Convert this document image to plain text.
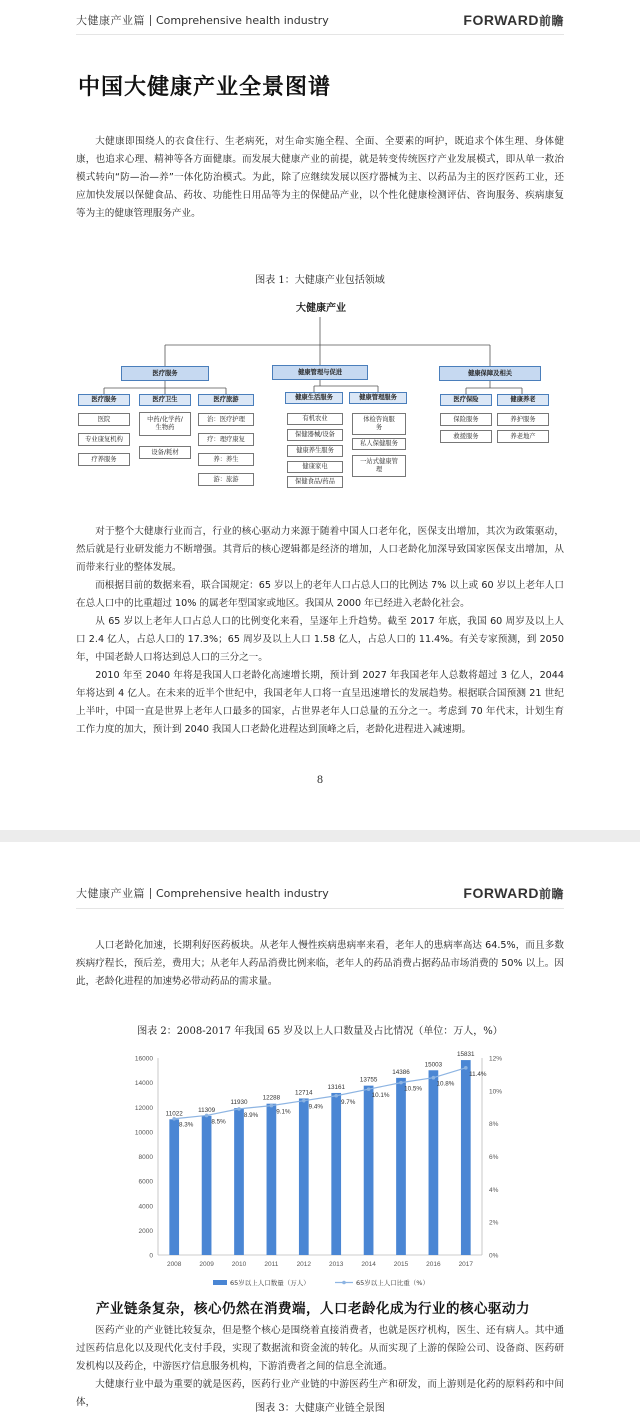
大健康产业篇 Comprehensive health industry	FORWARD前瞻
中国大健康产业全景图谱
大健康即围绕人的衣食住行、生老病死，对生命实施全程、全面、全要素的呵护，既追求个体生理、身体健康，也追求心理、精神等各方面健康。而发展大健康产业的前提，就是转变传统医疗产业发展模式，即从单一救治模式转向“防—治—养”一体化防治模式。为此，除了应继续发展以医疗器械为主、以药品为主的医疗医药工业，还应加快发展以保健食品、药妆、功能性日用品等为主的保健品产业，以个性化健康检测评估、咨询服务、疾病康复等为主的健康管理服务产业。
图表 1：大健康产业包括领域
大健康产业
医疗服务	健康管理与促进	健康保障及相关
医疗服务	医疗卫生	医疗旅游	健康生活服务	健康管理服务	医疗保险	健康养老
医院
专业康复机构
疗养服务
中药/化学药/生物药
设备/耗材
治：医疗护理
疗：理疗康复
养：养生
游：旅游
有机农业
保健器械/设备
健康养生服务
健康家电
保健食品/药品
体检咨询服务
私人保健服务
一站式健康管理
保险服务
救援服务
养护服务
养老地产
对于整个大健康行业而言，行业的核心驱动力来源于随着中国人口老年化，医保支出增加，其次为政策驱动，然后就是行业研发能力不断增强。其背后的核心逻辑都是经济的增加，人口老龄化加深导致国家医保支出增加，从而带来行业的整体发展。
而根据目前的数据来看，联合国规定：65 岁以上的老年人口占总人口的比例达 7% 以上或 60 岁以上老年人口在总人口中的比重超过 10% 的属老年型国家或地区。我国从 2000 年已经进入老龄化社会。
从 65 岁以上老年人口占总人口的比例变化来看，呈逐年上升趋势。截至 2017 年底，我国 60 周岁及以上人口 2.4 亿人，占总人口的 17.3%；65 周岁及以上人口 1.58 亿人，占总人口的 11.4%。有关专家预测，到 2050 年，中国老龄人口将达到总人口的三分之一。
2010 年至 2040 年将是我国人口老龄化高速增长期，预计到 2027 年我国老年人总数将超过 3 亿人，2044 年将达到 4 亿人。在未来的近半个世纪中，我国老年人口将一直呈迅速增长的发展趋势。根据联合国预测 21 世纪上半叶，中国一直是世界上老年人口最多的国家，占世界老年人口总量的五分之一。考虑到 70 年代末，计划生育工作力度的加大，预计到 2040 我国人口老龄化进程达到顶峰之后，老龄化进程进入减速期。
8
大健康产业篇 Comprehensive health industry	FORWARD前瞻
人口老龄化加速，长期利好医药板块。从老年人慢性疾病患病率来看，老年人的患病率高达 64.5%，而且多数疾病疗程长，预后差，费用大；从老年人药品消费比例来临，老年人的药品消费占据药品市场消费的 50% 以上。因此，老龄化进程的加速势必带动药品的需求量。
图表 2：2008-2017 年我国 65 岁及以上人口数量及占比情况（单位：万人，%）
0
2000
4000
6000
8000
10000
12000
14000
16000
0%
2%
4%
6%
8%
10%
12%
11022
2008
11309
2009
11930
2010
12288
2011
12714
2012
13161
2013
13755
2014
14386
2015
15003
2016
15831
2017
8.3%	8.5%
8.9%	9.1%
9.4%
9.7%
10.1%
10.5%
10.8%
11.4%
65岁以上人口数量（万人）	65岁以上人口比重（%）
产业链条复杂，核心仍然在消费端，人口老龄化成为行业的核心驱动力
医药产业的产业链比较复杂，但是整个核心是围绕着直接消费者，也就是医疗机构，医生、还有病人。其中通过医药信息化以及现代化支付手段，实现了数据流和资金流的转化。从而实现了上游的保险公司、设备商、医药研发机构以及药企，中游医疗信息服务机构，下游消费者之间的信息全流通。
大健康行业中最为重要的就是医药，医药行业产业链的中游医药生产和研发，而上游则是化药的原料药和中间体，
图表 3：大健康产业链全景图
